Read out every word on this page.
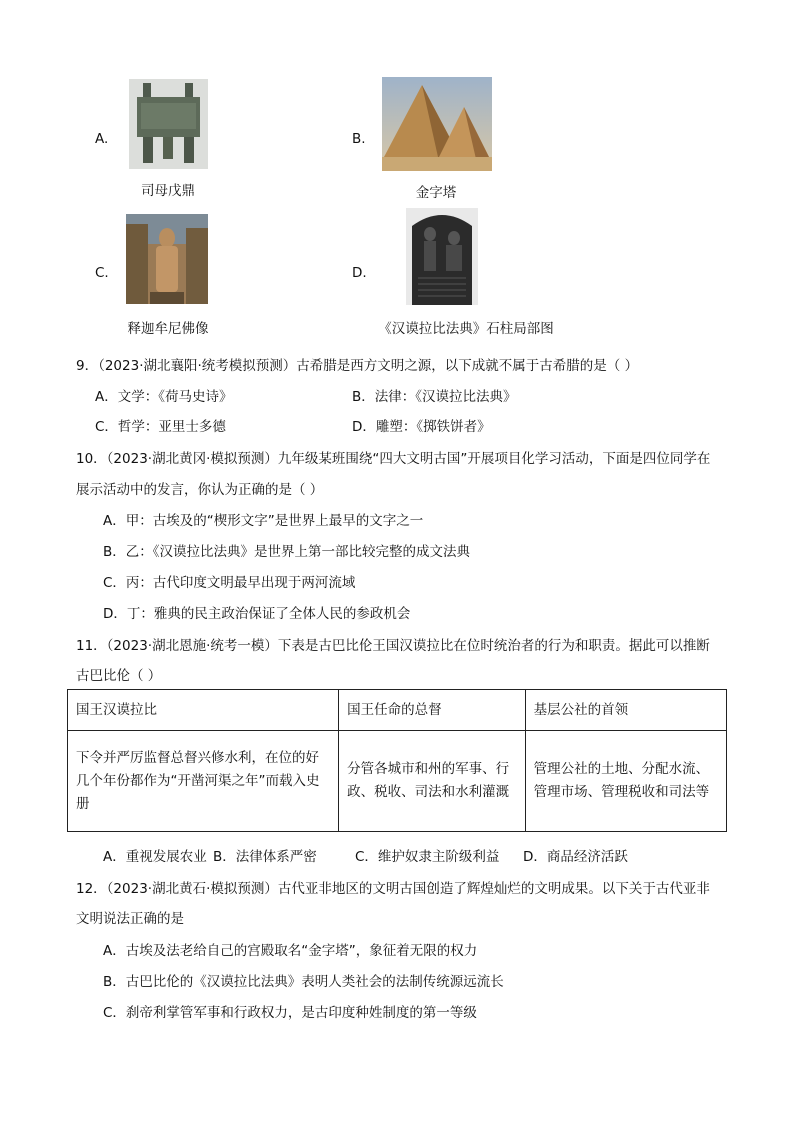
A.
司母戊鼎
B.
金字塔
C.
释迦牟尼佛像
D.
《汉谟拉比法典》石柱局部图
9．（2023·湖北襄阳·统考模拟预测）古希腊是西方文明之源，以下成就不属于古希腊的是（ ）
A．文学：《荷马史诗》	B．法律：《汉谟拉比法典》
C．哲学：亚里士多德	D．雕塑：《掷铁饼者》
10．（2023·湖北黄冈·模拟预测）九年级某班围绕“四大文明古国”开展项目化学习活动，下面是四位同学在
展示活动中的发言，你认为正确的是（ ）
A．甲：古埃及的“楔形文字”是世界上最早的文字之一
B．乙：《汉谟拉比法典》是世界上第一部比较完整的成文法典
C．丙：古代印度文明最早出现于两河流域
D．丁：雅典的民主政治保证了全体人民的参政机会
11．（2023·湖北恩施·统考一模）下表是古巴比伦王国汉谟拉比在位时统治者的行为和职责。据此可以推断
古巴比伦（ ）
国王汉谟拉比	国王任命的总督	基层公社的首领
下令并严厉监督总督兴修水利，在位的好几个年份都作为“开凿河渠之年”而载入史册	分管各城市和州的军事、行政、税收、司法和水利灌溉	管理公社的土地、分配水流、管理市场、管理税收和司法等
A．重视发展农业 B．法律体系严密	C．维护奴隶主阶级利益 D．商品经济活跃
12．（2023·湖北黄石·模拟预测）古代亚非地区的文明古国创造了辉煌灿烂的文明成果。以下关于古代亚非
文明说法正确的是
A．古埃及法老给自己的宫殿取名“金字塔”，象征着无限的权力
B．古巴比伦的《汉谟拉比法典》表明人类社会的法制传统源远流长
C．刹帝利掌管军事和行政权力，是古印度种姓制度的第一等级
